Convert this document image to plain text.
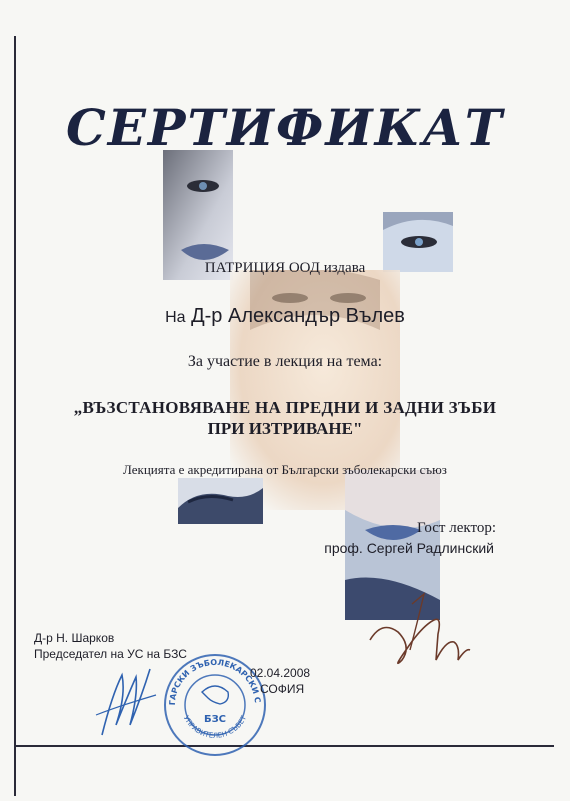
СЕРТИФИКАТ
ПАТРИЦИЯ ООД издава
На Д-р Александър Вълев
За участие в лекция на тема:
„ВЪЗСТАНОВЯВАНЕ НА ПРЕДНИ И ЗАДНИ ЗЪБИ
ПРИ ИЗТРИВАНЕ"
Лекцията е акредитирана от Български зъболекарски съюз
Гост лектор:
проф. Сергей Радлинский
Д-р Н. Шарков
Председател на УС на БЗС
ГАРСКИ ЗЪБОЛЕКАРСКИ С
УПРАВИТЕЛЕН СЪВЕТ
БЗС
02.04.2008
СОФИЯ
